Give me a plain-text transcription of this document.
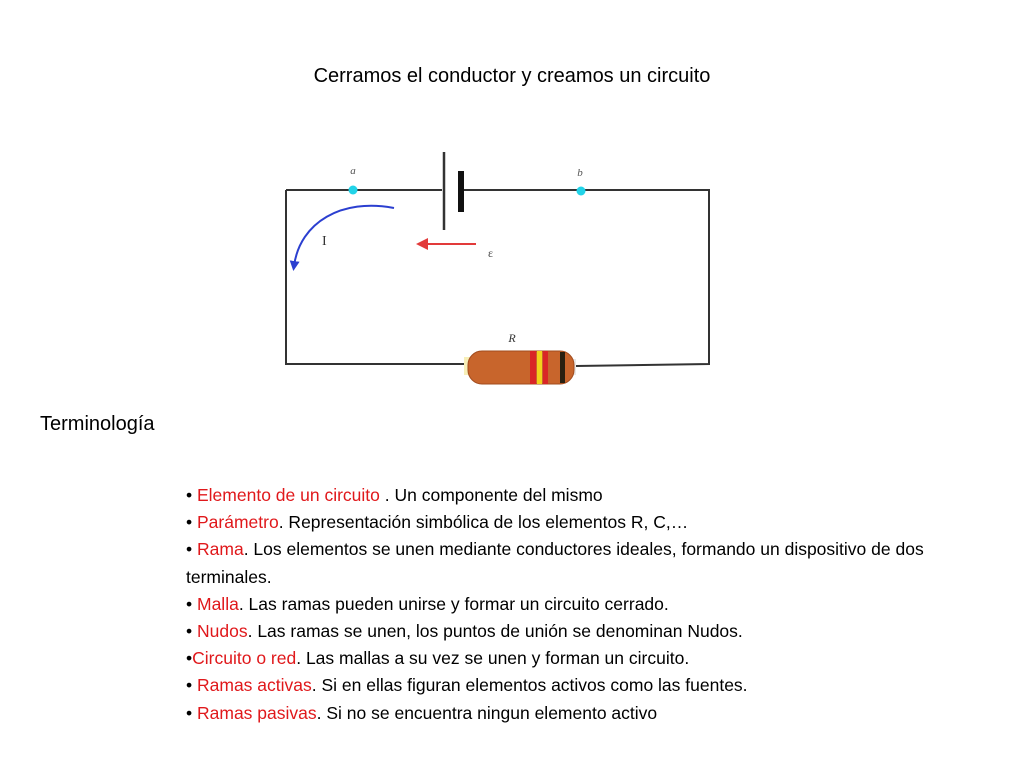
Cerramos el conductor y creamos un circuito
a	b
I
ε
R
Terminología
• Elemento de un circuito . Un componente del mismo
• Parámetro. Representación simbólica de los elementos R, C,…
• Rama. Los elementos se unen mediante conductores ideales, formando un dispositivo de dos terminales.
• Malla. Las ramas pueden unirse y formar un circuito cerrado.
• Nudos. Las ramas se unen, los puntos de unión se denominan Nudos.
•Circuito o red. Las mallas a su vez se unen y forman un circuito.
• Ramas activas. Si en ellas figuran elementos activos como las fuentes.
• Ramas pasivas. Si no se encuentra ningun elemento activo
